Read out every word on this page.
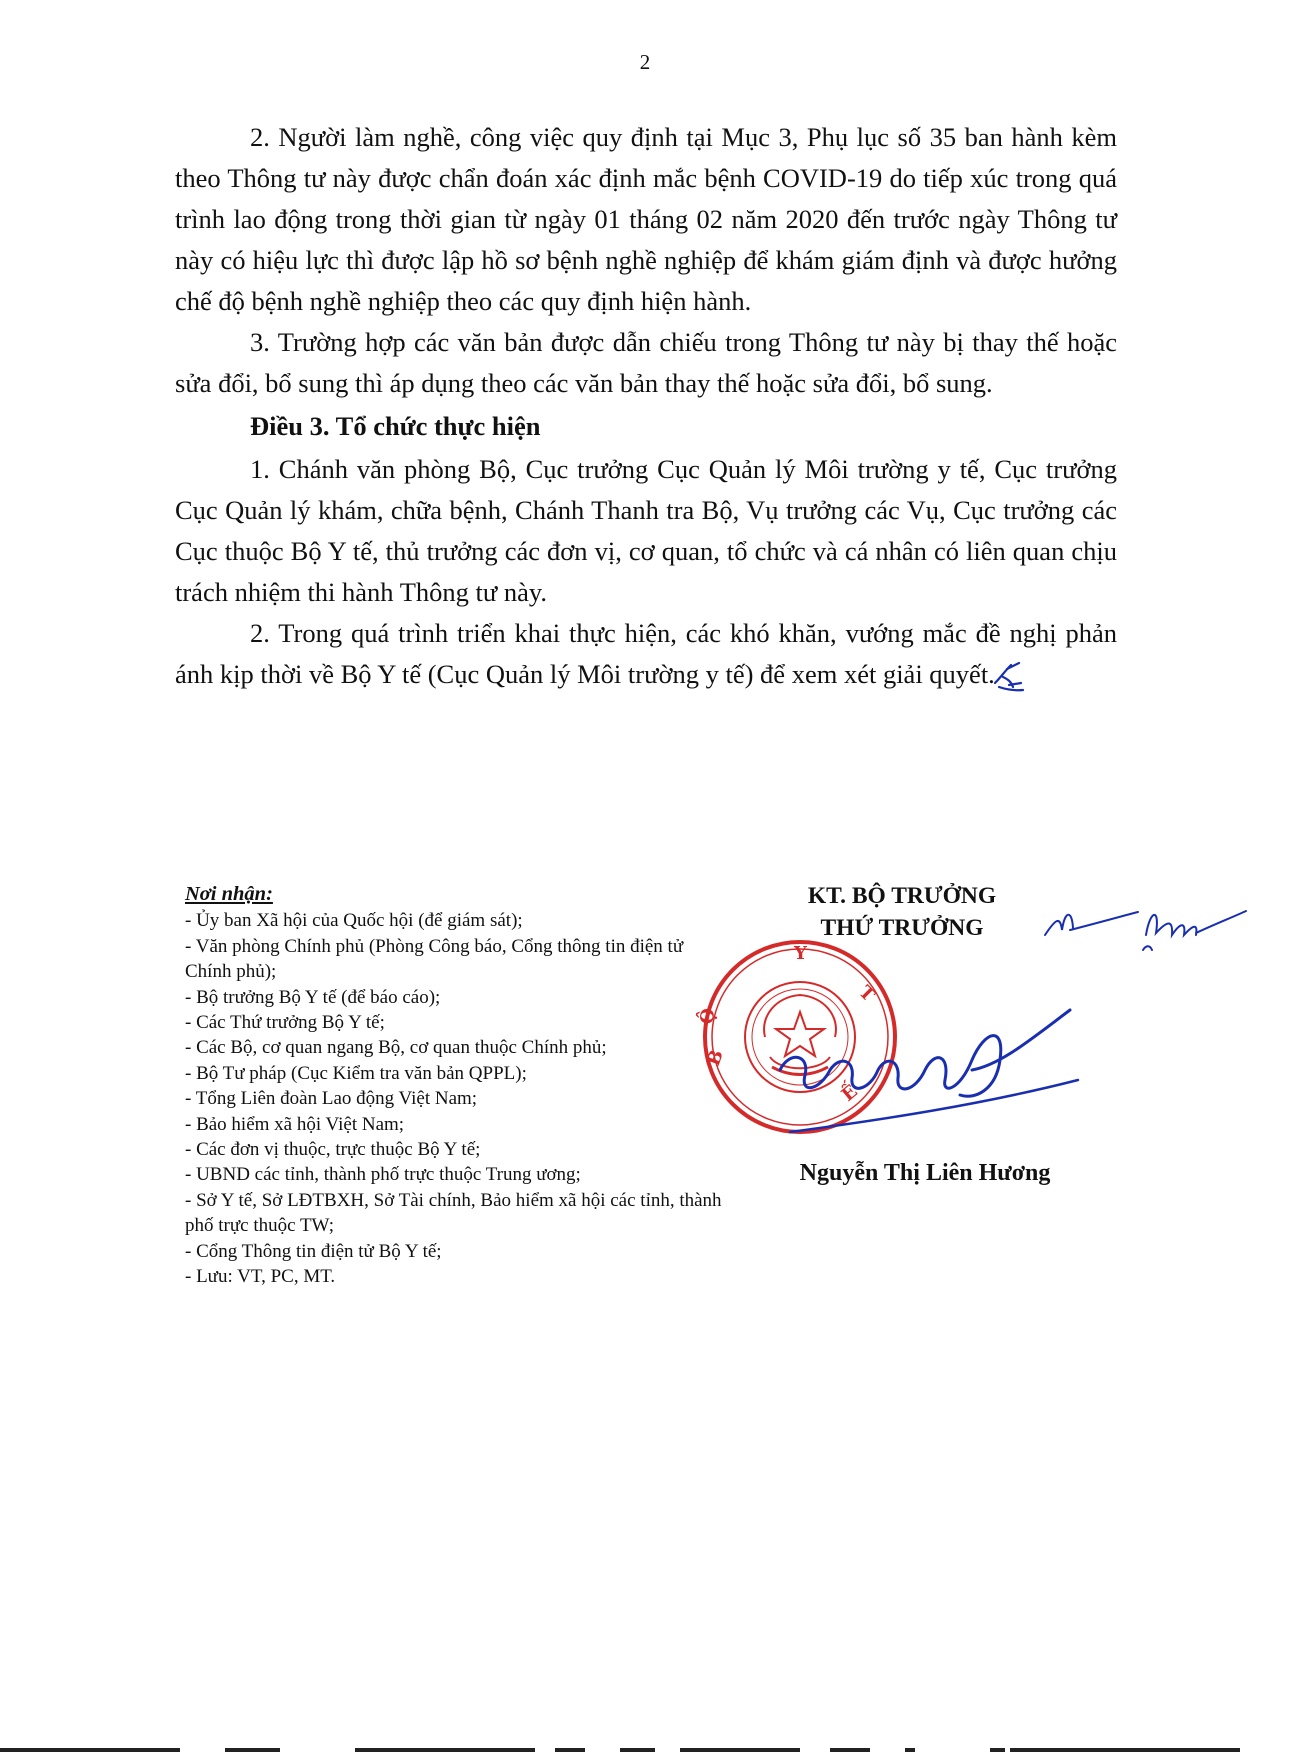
2

2. Người làm nghề, công việc quy định tại Mục 3, Phụ lục số 35 ban hành kèm theo Thông tư này được chẩn đoán xác định mắc bệnh COVID-19 do tiếp xúc trong quá trình lao động trong thời gian từ ngày 01 tháng 02 năm 2020 đến trước ngày Thông tư này có hiệu lực thì được lập hồ sơ bệnh nghề nghiệp để khám giám định và được hưởng chế độ bệnh nghề nghiệp theo các quy định hiện hành.

3. Trường hợp các văn bản được dẫn chiếu trong Thông tư này bị thay thế hoặc sửa đổi, bổ sung thì áp dụng theo các văn bản thay thế hoặc sửa đổi, bổ sung.

Điều 3. Tổ chức thực hiện

1. Chánh văn phòng Bộ, Cục trưởng Cục Quản lý Môi trường y tế, Cục trưởng Cục Quản lý khám, chữa bệnh, Chánh Thanh tra Bộ, Vụ trưởng các Vụ, Cục trưởng các Cục thuộc Bộ Y tế, thủ trưởng các đơn vị, cơ quan, tổ chức và cá nhân có liên quan chịu trách nhiệm thi hành Thông tư này.

2. Trong quá trình triển khai thực hiện, các khó khăn, vướng mắc đề nghị phản ánh kịp thời về Bộ Y tế (Cục Quản lý Môi trường y tế) để xem xét giải quyết.

Nơi nhận:
- Ủy ban Xã hội của Quốc hội (để giám sát);
- Văn phòng Chính phủ (Phòng Công báo, Cổng thông tin điện tử Chính phủ);
- Bộ trưởng Bộ Y tế (để báo cáo);
- Các Thứ trưởng Bộ Y tế;
- Các Bộ, cơ quan ngang Bộ, cơ quan thuộc Chính phủ;
- Bộ Tư pháp (Cục Kiểm tra văn bản QPPL);
- Tổng Liên đoàn Lao động Việt Nam;
- Bảo hiểm xã hội Việt Nam;
- Các đơn vị thuộc, trực thuộc Bộ Y tế;
- UBND các tỉnh, thành phố trực thuộc Trung ương;
- Sở Y tế, Sở LĐTBXH, Sở Tài chính, Bảo hiểm xã hội các tỉnh, thành phố trực thuộc TW;
- Cổng Thông tin điện tử Bộ Y tế;
- Lưu: VT, PC, MT.
KT. BỘ TRƯỞNG
THỨ TRƯỞNG
Nguyễn Thị Liên Hương
B
Ộ
Y
T
Ế
